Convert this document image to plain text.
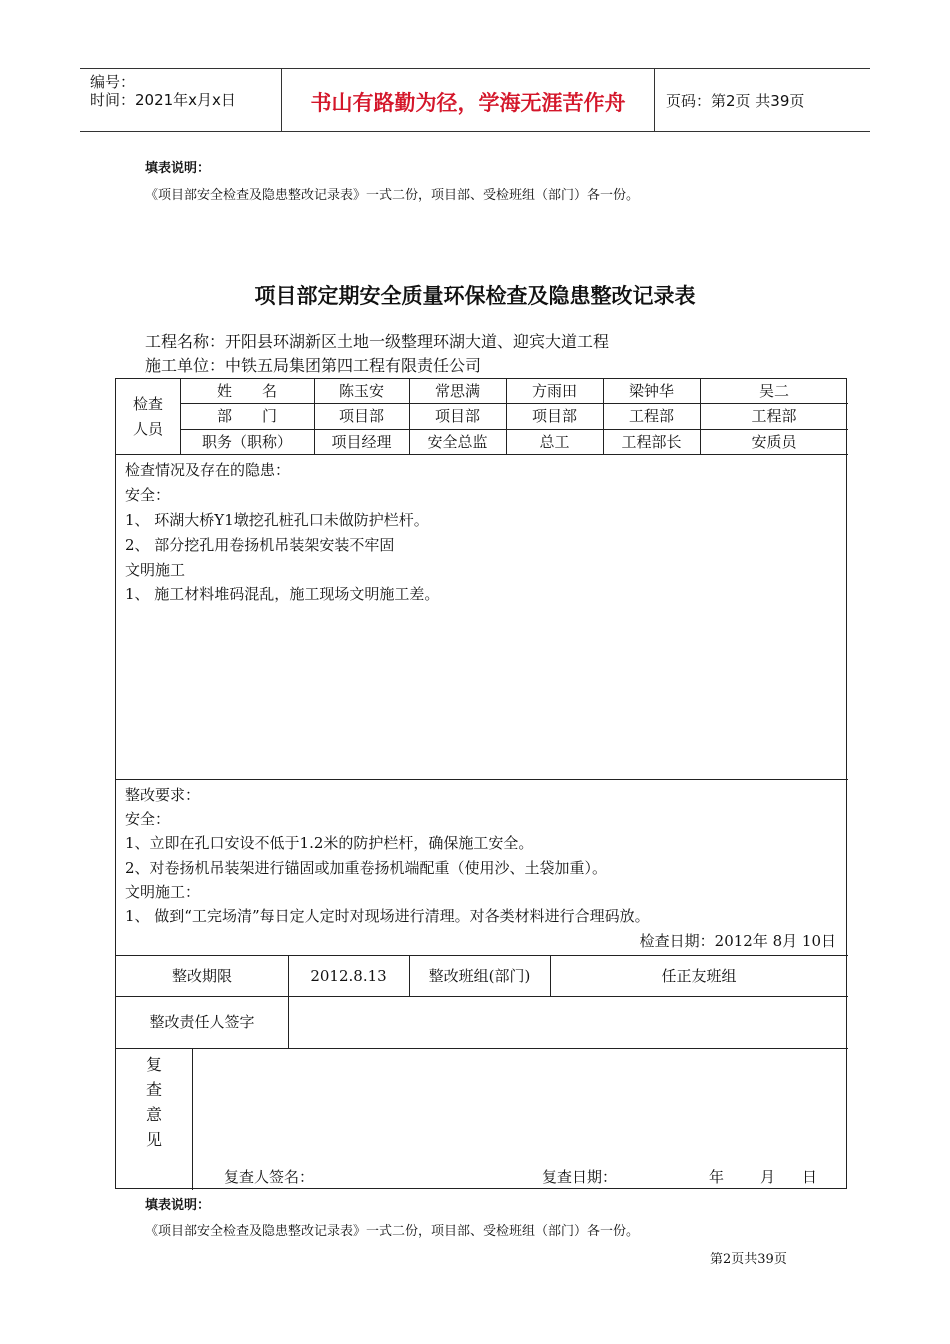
编号：
时间：2021年x月x日	书山有路勤为径，学海无涯苦作舟	页码：第2页 共39页
填表说明：
《项目部安全检查及隐患整改记录表》一式二份，项目部、受检班组（部门）各一份。
项目部定期安全质量环保检查及隐患整改记录表
工程名称：开阳县环湖新区土地一级整理环湖大道、迎宾大道工程
施工单位：中铁五局集团第四工程有限责任公司
检查
人员
姓　　名	陈玉安	常思满	方雨田	梁钟华	吴二
部　　门	项目部	项目部	项目部	工程部	工程部
职务（职称）	项目经理	安全总监	总工	工程部长	安质员
检查情况及存在的隐患：
安全：
1、 环湖大桥Y1墩挖孔桩孔口未做防护栏杆。
2、 部分挖孔用卷扬机吊装架安装不牢固
文明施工
1、 施工材料堆码混乱，施工现场文明施工差。
整改要求：
安全：
1、立即在孔口安设不低于1.2米的防护栏杆，确保施工安全。
2、对卷扬机吊装架进行锚固或加重卷扬机端配重（使用沙、土袋加重）。
文明施工：
1、 做到“工完场清”每日定人定时对现场进行清理。对各类材料进行合理码放。
检查日期：2012年 8月 10日
整改期限	2012.8.13	整改班组(部门)	任正友班组
整改责任人签字
复
查
意
见
复查人签名：	复查日期：	年 月 日
填表说明：
《项目部安全检查及隐患整改记录表》一式二份，项目部、受检班组（部门）各一份。
第2页共39页
